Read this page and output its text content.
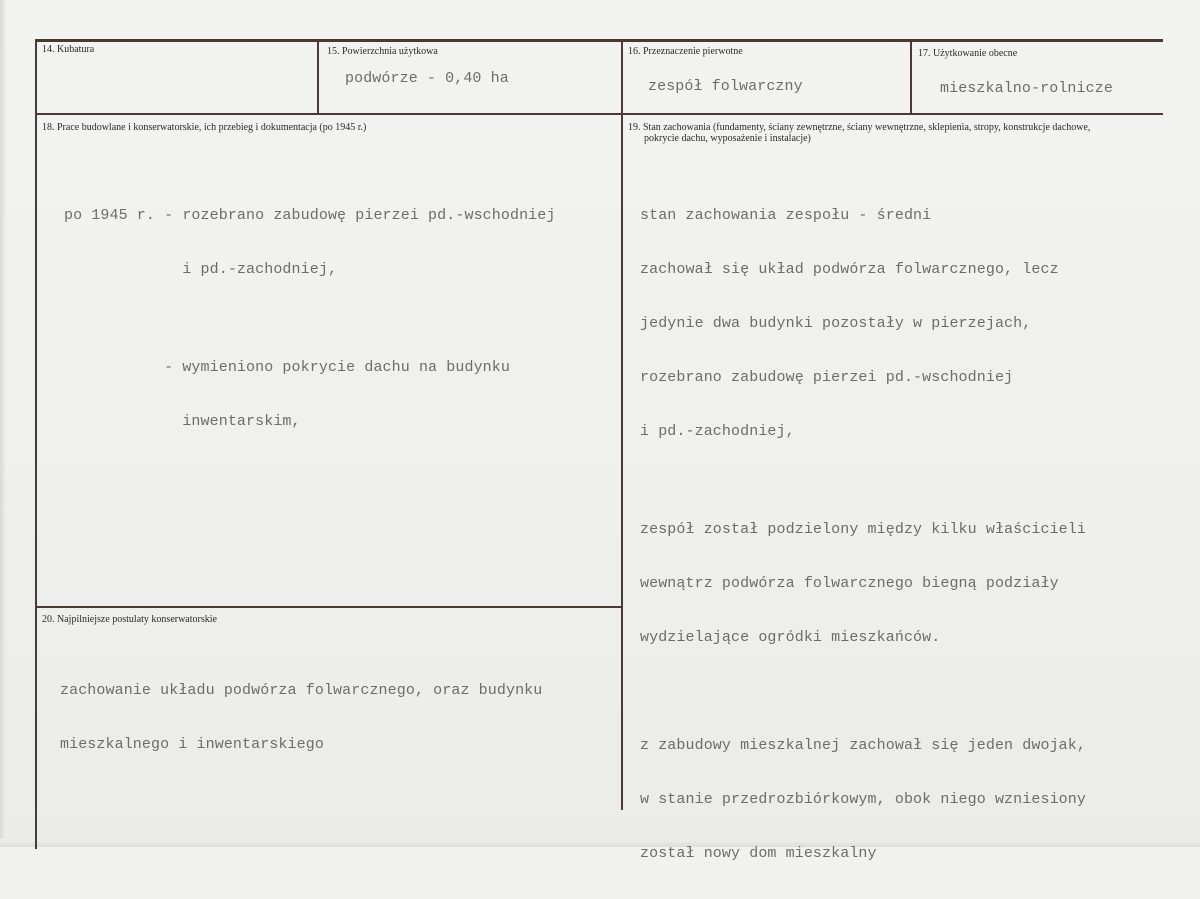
14. Kubatura	15. Powierzchnia użytkowa
podwórze - 0,40 ha
16. Przeznaczenie pierwotne
zespół folwarczny
17. Użytkowanie obecne
mieszkalno-rolnicze
18. Prace budowlane i konserwatorskie, ich przebieg i dokumentacja (po 1945 r.)

po 1945 r. - rozebrano zabudowę pierzei pd.-wschodniej

i pd.-zachodniej,

- wymieniono pokrycie dachu na budynku

inwentarskim,

19. Stan zachowania (fundamenty, ściany zewnętrzne, ściany wewnętrzne, sklepienia, stropy, konstrukcje dachowe,
pokrycie dachu, wyposażenie i instalacje)

stan zachowania zespołu - średni

zachował się układ podwórza folwarcznego, lecz

jedynie dwa budynki pozostały w pierzejach,

rozebrano zabudowę pierzei pd.-wschodniej

i pd.-zachodniej,

zespół został podzielony między kilku właścicieli

wewnątrz podwórza folwarcznego biegną podziały

wydzielające ogródki mieszkańców.

z zabudowy mieszkalnej zachował się jeden dwojak,

w stanie przedrozbiórkowym, obok niego wzniesiony

został nowy dom mieszkalny

20. Najpilniejsze postulaty konserwatorskie

zachowanie układu podwórza folwarcznego, oraz budynku

mieszkalnego i inwentarskiego
